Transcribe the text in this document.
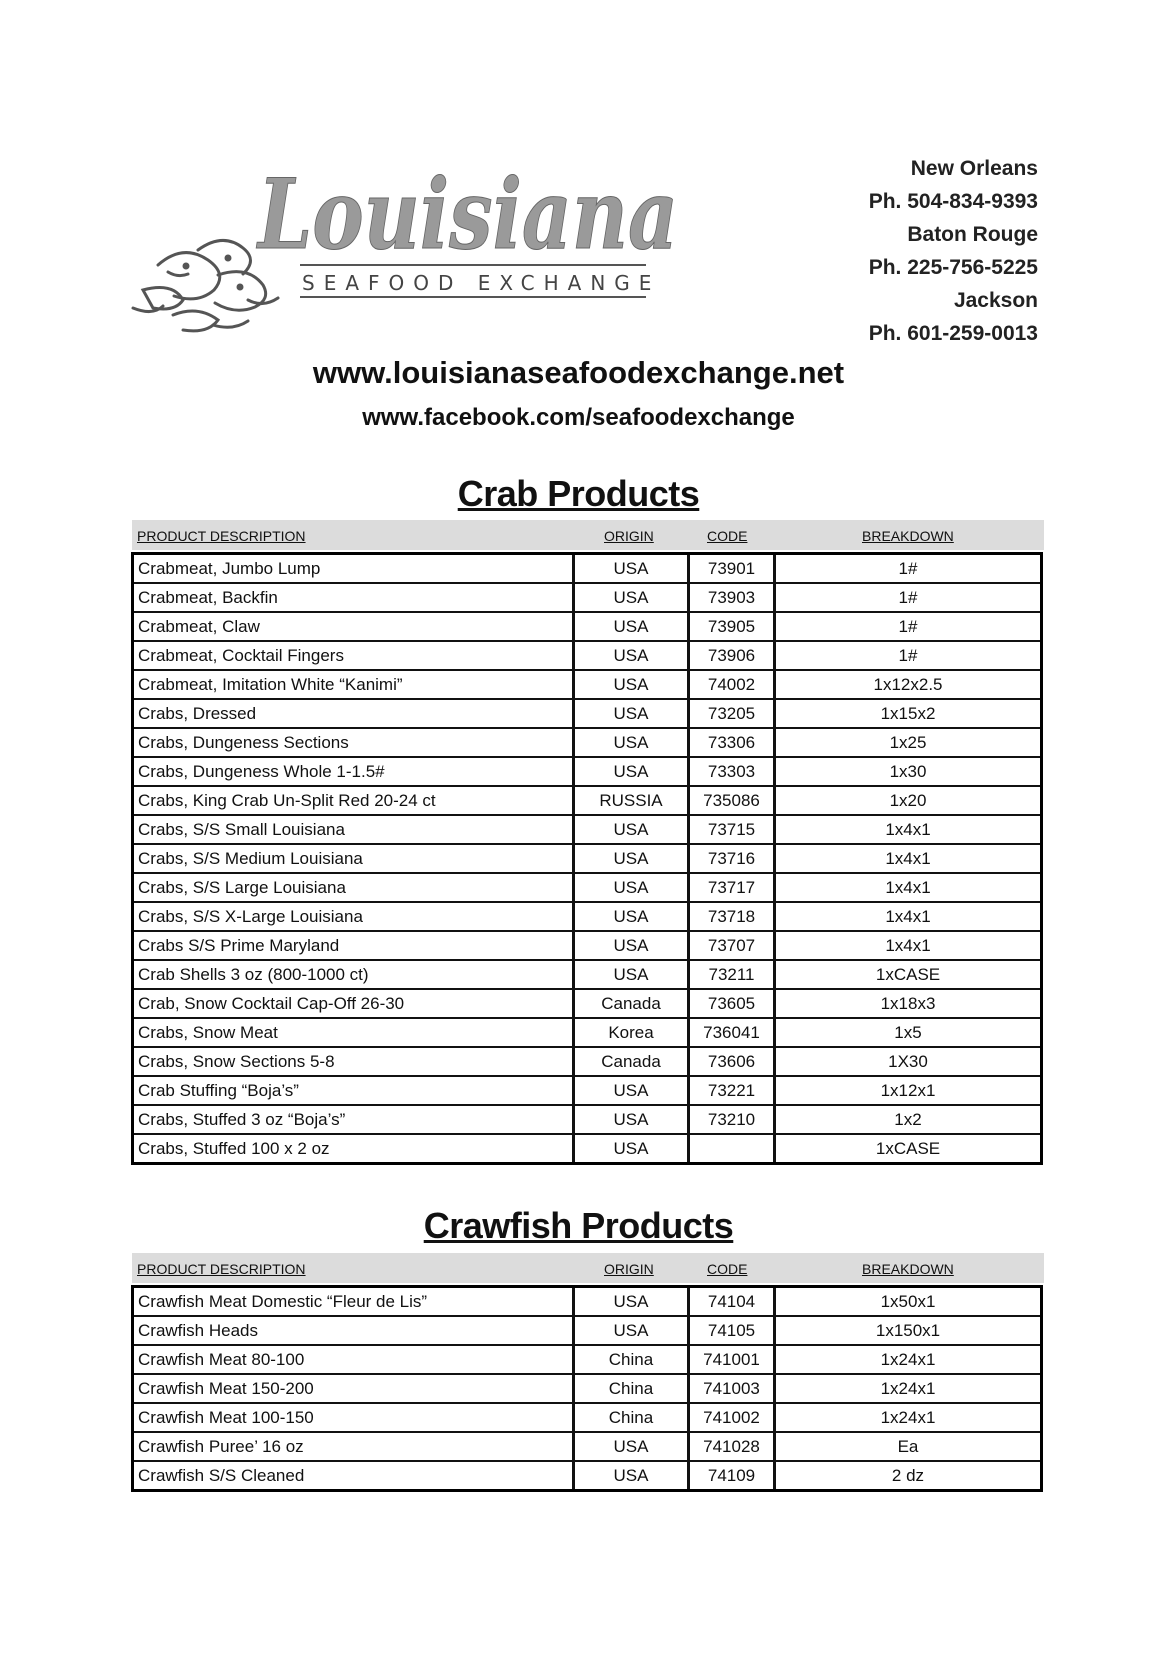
Louisiana
SEAFOOD EXCHANGE
New Orleans
Ph. 504-834-9393
Baton Rouge
Ph. 225-756-5225
Jackson
Ph. 601-259-0013
www.louisianaseafoodexchange.net
www.facebook.com/seafoodexchange
Crab Products
PRODUCT DESCRIPTION	ORIGIN	CODE	BREAKDOWN
Crabmeat, Jumbo Lump	USA	73901	1#
Crabmeat, Backfin	USA	73903	1#
Crabmeat, Claw	USA	73905	1#
Crabmeat, Cocktail Fingers	USA	73906	1#
Crabmeat, Imitation White “Kanimi”	USA	74002	1x12x2.5
Crabs, Dressed	USA	73205	1x15x2
Crabs, Dungeness Sections	USA	73306	1x25
Crabs, Dungeness Whole 1-1.5#	USA	73303	1x30
Crabs, King Crab Un-Split Red 20-24 ct	RUSSIA	735086	1x20
Crabs, S/S Small Louisiana	USA	73715	1x4x1
Crabs, S/S Medium Louisiana	USA	73716	1x4x1
Crabs, S/S Large Louisiana	USA	73717	1x4x1
Crabs, S/S X-Large Louisiana	USA	73718	1x4x1
Crabs S/S Prime Maryland	USA	73707	1x4x1
Crab Shells 3 oz (800-1000 ct)	USA	73211	1xCASE
Crab, Snow Cocktail Cap-Off 26-30	Canada	73605	1x18x3
Crabs, Snow Meat	Korea	736041	1x5
Crabs, Snow Sections 5-8	Canada	73606	1X30
Crab Stuffing “Boja’s”	USA	73221	1x12x1
Crabs, Stuffed 3 oz “Boja’s”	USA	73210	1x2
Crabs, Stuffed 100 x 2 oz	USA		1xCASE
Crawfish Products
PRODUCT DESCRIPTION	ORIGIN	CODE	BREAKDOWN
Crawfish Meat Domestic “Fleur de Lis”	USA	74104	1x50x1
Crawfish Heads	USA	74105	1x150x1
Crawfish Meat 80-100	China	741001	1x24x1
Crawfish Meat 150-200	China	741003	1x24x1
Crawfish Meat 100-150	China	741002	1x24x1
Crawfish Puree’ 16 oz	USA	741028	Ea
Crawfish S/S Cleaned	USA	74109	2 dz
